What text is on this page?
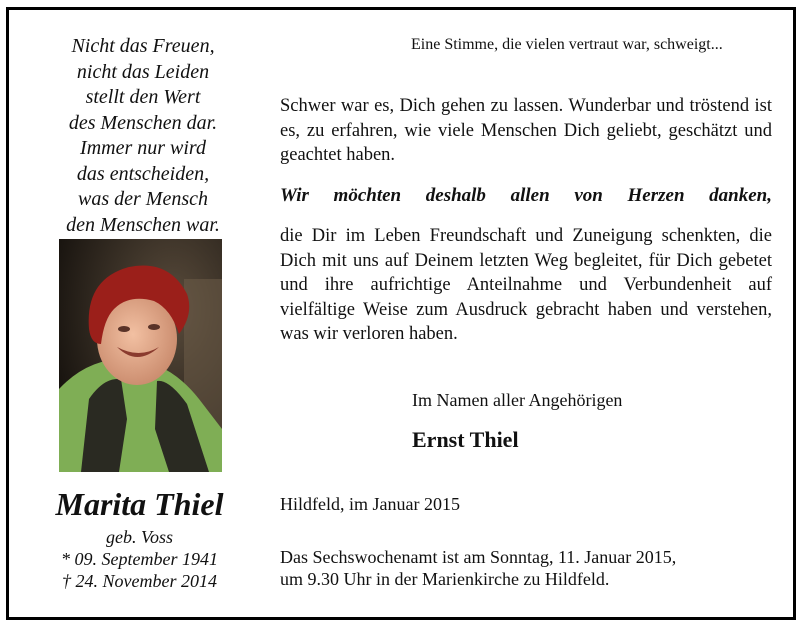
Nicht das Freuen,
nicht das Leiden
stellt den Wert
des Menschen dar.
Immer nur wird
das entscheiden,
was der Mensch
den Menschen war.
Marita Thiel
geb. Voss
* 09. September 1941
† 24. November 2014
Eine Stimme, die vielen vertraut war, schweigt...
Schwer war es, Dich gehen zu lassen. Wunderbar und tröstend ist es, zu erfahren, wie viele Menschen Dich geliebt, geschätzt und geachtet haben.
Wir möchten deshalb allen von Herzen danken,
die Dir im Leben Freundschaft und Zuneigung schenkten, die Dich mit uns auf Deinem letzten Weg begleitet, für Dich gebetet und ihre aufrichtige Anteilnahme und Verbundenheit auf vielfältige Weise zum Ausdruck gebracht haben und verstehen, was wir verloren haben.
Im Namen aller Angehörigen
Ernst Thiel
Hildfeld, im Januar 2015
Das Sechswochenamt ist am Sonntag, 11. Januar 2015,
um 9.30 Uhr in der Marienkirche zu Hildfeld.
